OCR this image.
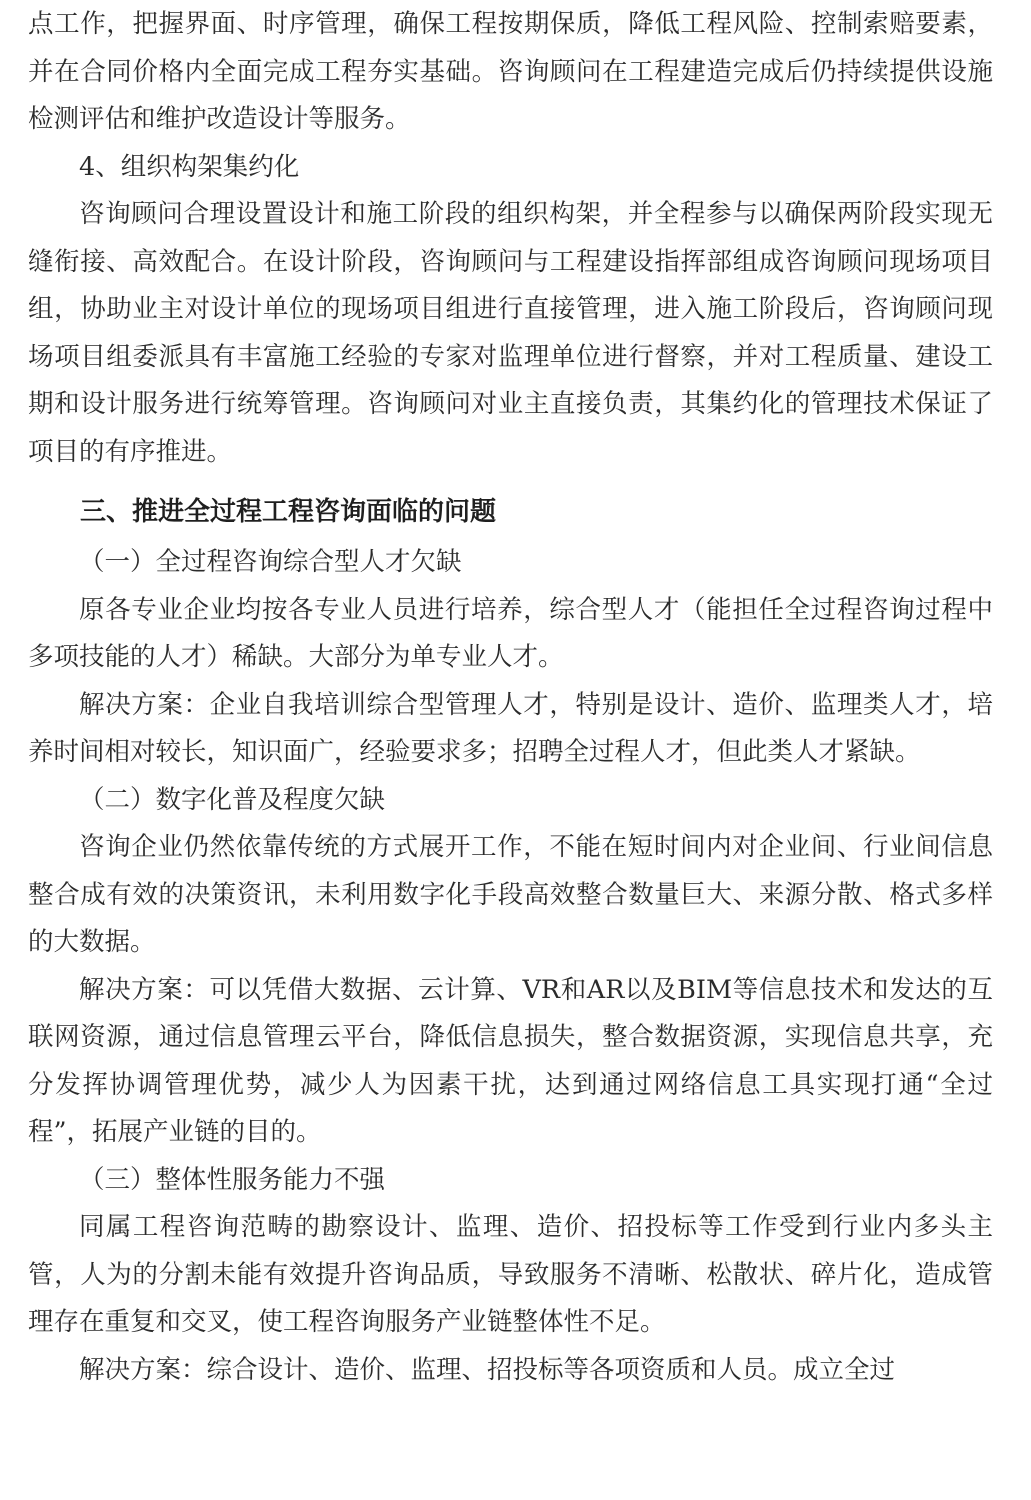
点工作，把握界面、时序管理，确保工程按期保质，降低工程风险、控制索赔要素，并在合同价格内全面完成工程夯实基础。咨询顾问在工程建造完成后仍持续提供设施检测评估和维护改造设计等服务。

4、组织构架集约化

咨询顾问合理设置设计和施工阶段的组织构架，并全程参与以确保两阶段实现无缝衔接、高效配合。在设计阶段，咨询顾问与工程建设指挥部组成咨询顾问现场项目组，协助业主对设计单位的现场项目组进行直接管理，进入施工阶段后，咨询顾问现场项目组委派具有丰富施工经验的专家对监理单位进行督察，并对工程质量、建设工期和设计服务进行统筹管理。咨询顾问对业主直接负责，其集约化的管理技术保证了项目的有序推进。

三、推进全过程工程咨询面临的问题

（一）全过程咨询综合型人才欠缺

原各专业企业均按各专业人员进行培养，综合型人才（能担任全过程咨询过程中多项技能的人才）稀缺。大部分为单专业人才。

解决方案：企业自我培训综合型管理人才，特别是设计、造价、监理类人才，培养时间相对较长，知识面广，经验要求多；招聘全过程人才，但此类人才紧缺。

（二）数字化普及程度欠缺

咨询企业仍然依靠传统的方式展开工作，不能在短时间内对企业间、行业间信息整合成有效的决策资讯，未利用数字化手段高效整合数量巨大、来源分散、格式多样的大数据。

解决方案：可以凭借大数据、云计算、VR和AR以及BIM等信息技术和发达的互联网资源，通过信息管理云平台，降低信息损失，整合数据资源，实现信息共享，充分发挥协调管理优势，减少人为因素干扰，达到通过网络信息工具实现打通“全过程”，拓展产业链的目的。

（三）整体性服务能力不强

同属工程咨询范畴的勘察设计、监理、造价、招投标等工作受到行业内多头主管，人为的分割未能有效提升咨询品质，导致服务不清晰、松散状、碎片化，造成管理存在重复和交叉，使工程咨询服务产业链整体性不足。

解决方案：综合设计、造价、监理、招投标等各项资质和人员。成立全过
